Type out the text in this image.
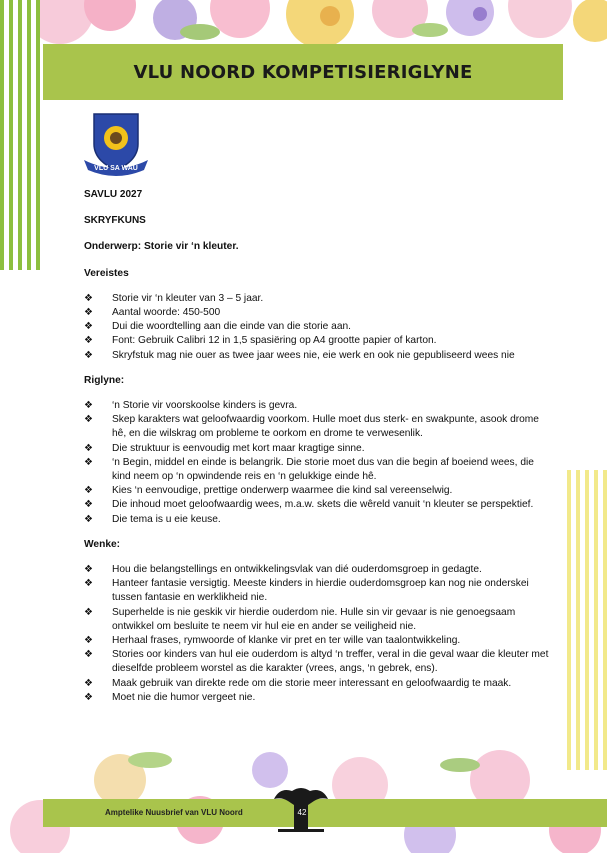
VLU NOORD KOMPETISIERIGLYNE
VLU SA WAU

SAVLU 2027

SKRYFKUNS

Onderwerp: Storie vir ‘n kleuter.

Vereistes

❖ Storie vir ‘n kleuter van 3 – 5 jaar.
❖ Aantal woorde: 450-500
❖ Dui die woordtelling aan die einde van die storie aan.
❖ Font: Gebruik Calibri 12 in 1,5 spasiëring op A4 grootte papier of karton.
❖ Skryfstuk mag nie ouer as twee jaar wees nie, eie werk en ook nie gepubliseerd wees nie

Riglyne:

❖ ‘n Storie vir voorskoolse kinders is gevra.
❖ Skep karakters wat geloofwaardig voorkom. Hulle moet dus sterk- en swakpunte, asook drome hê, en die wilskrag om probleme te oorkom en drome te verwesenlik.
❖ Die struktuur is eenvoudig met kort maar kragtige sinne.
❖ ‘n Begin, middel en einde is belangrik. Die storie moet dus van die begin af boeiend wees, die kind neem op ‘n opwindende reis en ‘n gelukkige einde hê.
❖ Kies ‘n eenvoudige, prettige onderwerp waarmee die kind sal vereenselwig.
❖ Die inhoud moet geloofwaardig wees, m.a.w. skets die wêreld vanuit ‘n kleuter se perspektief.
❖ Die tema is u eie keuse.

Wenke:

❖ Hou die belangstellings en ontwikkelingsvlak van dié ouderdomsgroep in gedagte.
❖ Hanteer fantasie versigtig. Meeste kinders in hierdie ouderdomsgroep kan nog nie onderskei tussen fantasie en werklikheid nie.
❖ Superhelde is nie geskik vir hierdie ouderdom nie. Hulle sin vir gevaar is nie genoegsaam ontwikkel om besluite te neem vir hul eie en ander se veiligheid nie.
❖ Herhaal frases, rymwoorde of klanke vir pret en ter wille van taalontwikkeling.
❖ Stories oor kinders van hul eie ouderdom is altyd ‘n treffer, veral in die geval waar die kleuter met dieselfde probleem worstel as die karakter (vrees, angs, ‘n gebrek, ens).
❖ Maak gebruik van direkte rede om die storie meer interessant en geloofwaardig te maak.
❖ Moet nie die humor vergeet nie.
Amptelike Nuusbrief van VLU Noord	42
